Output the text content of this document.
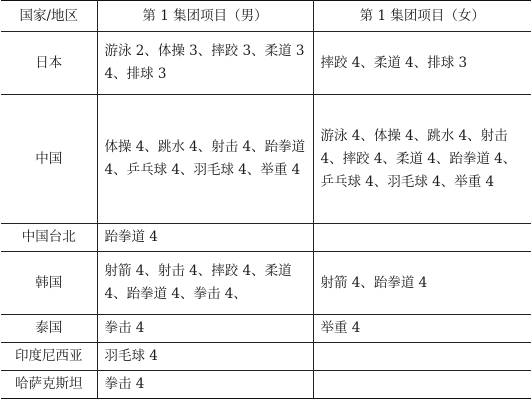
国家/地区	第 1 集团项目（男）	第 1 集团项目（女）
日本	游泳 2、体操 3、摔跤 3、柔道 34、排球 3	摔跤 4、柔道 4、排球 3
中国	体操 4、跳水 4、射击 4、跆拳道 4、乒乓球 4、羽毛球 4、举重 4	游泳 4、体操 4、跳水 4、射击 4、摔跤 4、柔道 4、跆拳道 4、乒乓球 4、羽毛球 4、举重 4
中国台北	跆拳道 4	
韩国	射箭 4、射击 4、摔跤 4、柔道 4、跆拳道 4、拳击 4、	射箭 4、跆拳道 4
泰国	拳击 4	举重 4
印度尼西亚	羽毛球 4	
哈萨克斯坦	拳击 4	
